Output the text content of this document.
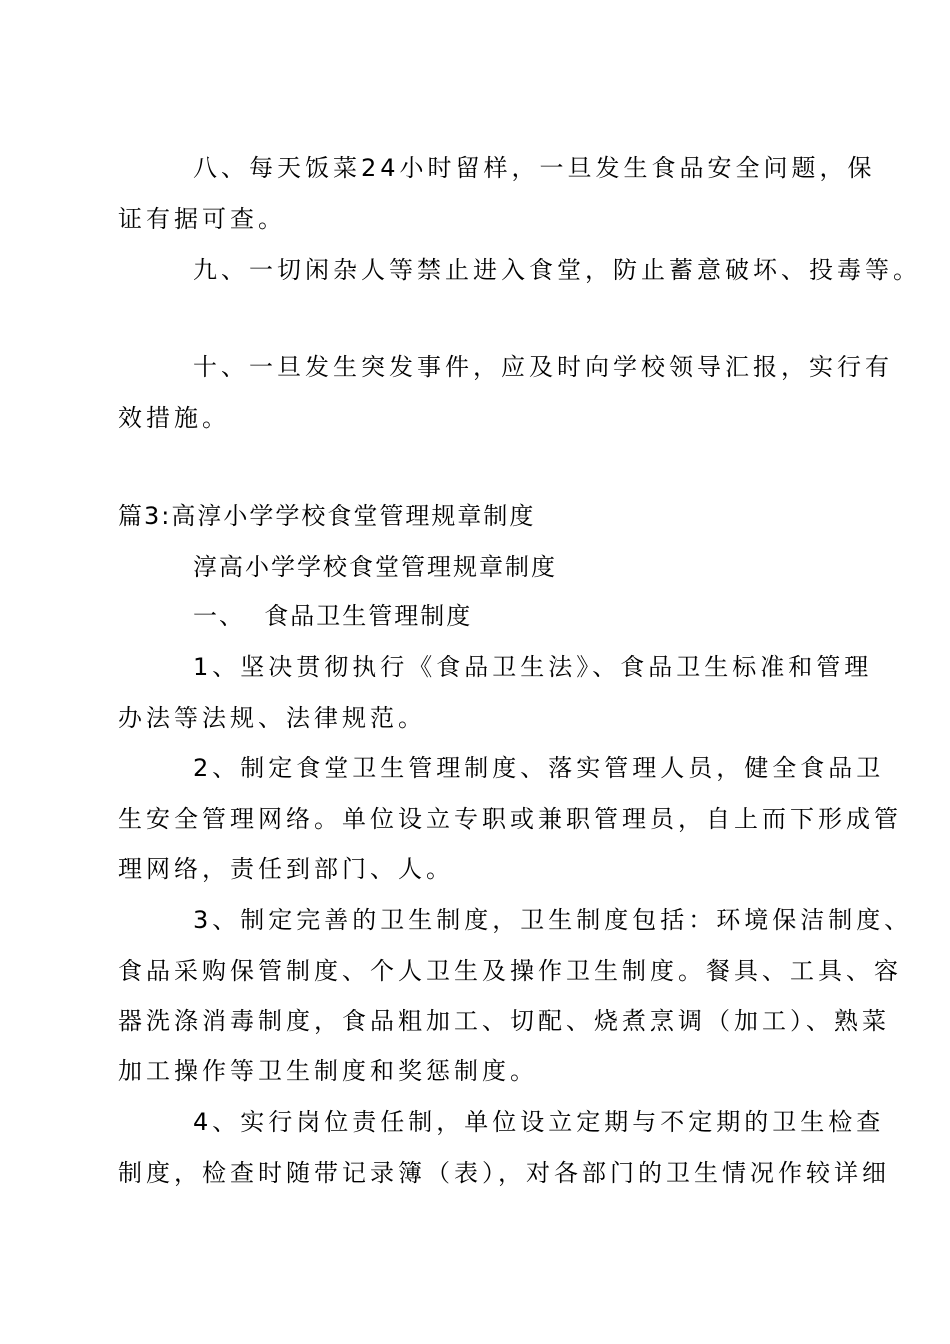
八、每天饭菜24小时留样，一旦发生食品安全问题，保
证有据可查。
九、一切闲杂人等禁止进入食堂，防止蓄意破坏、投毒等。
十、一旦发生突发事件，应及时向学校领导汇报，实行有
效措施。
篇3:高淳小学学校食堂管理规章制度
淳高小学学校食堂管理规章制度
一、  食品卫生管理制度
1、坚决贯彻执行《食品卫生法》、食品卫生标准和管理
办法等法规、法律规范。
2、制定食堂卫生管理制度、落实管理人员，健全食品卫
生安全管理网络。单位设立专职或兼职管理员，自上而下形成管
理网络，责任到部门、人。
3、制定完善的卫生制度，卫生制度包括：环境保洁制度、
食品采购保管制度、个人卫生及操作卫生制度。餐具、工具、容
器洗涤消毒制度，食品粗加工、切配、烧煮烹调（加工）、熟菜
加工操作等卫生制度和奖惩制度。
4、实行岗位责任制，单位设立定期与不定期的卫生检查
制度，检查时随带记录簿（表），对各部门的卫生情况作较详细
